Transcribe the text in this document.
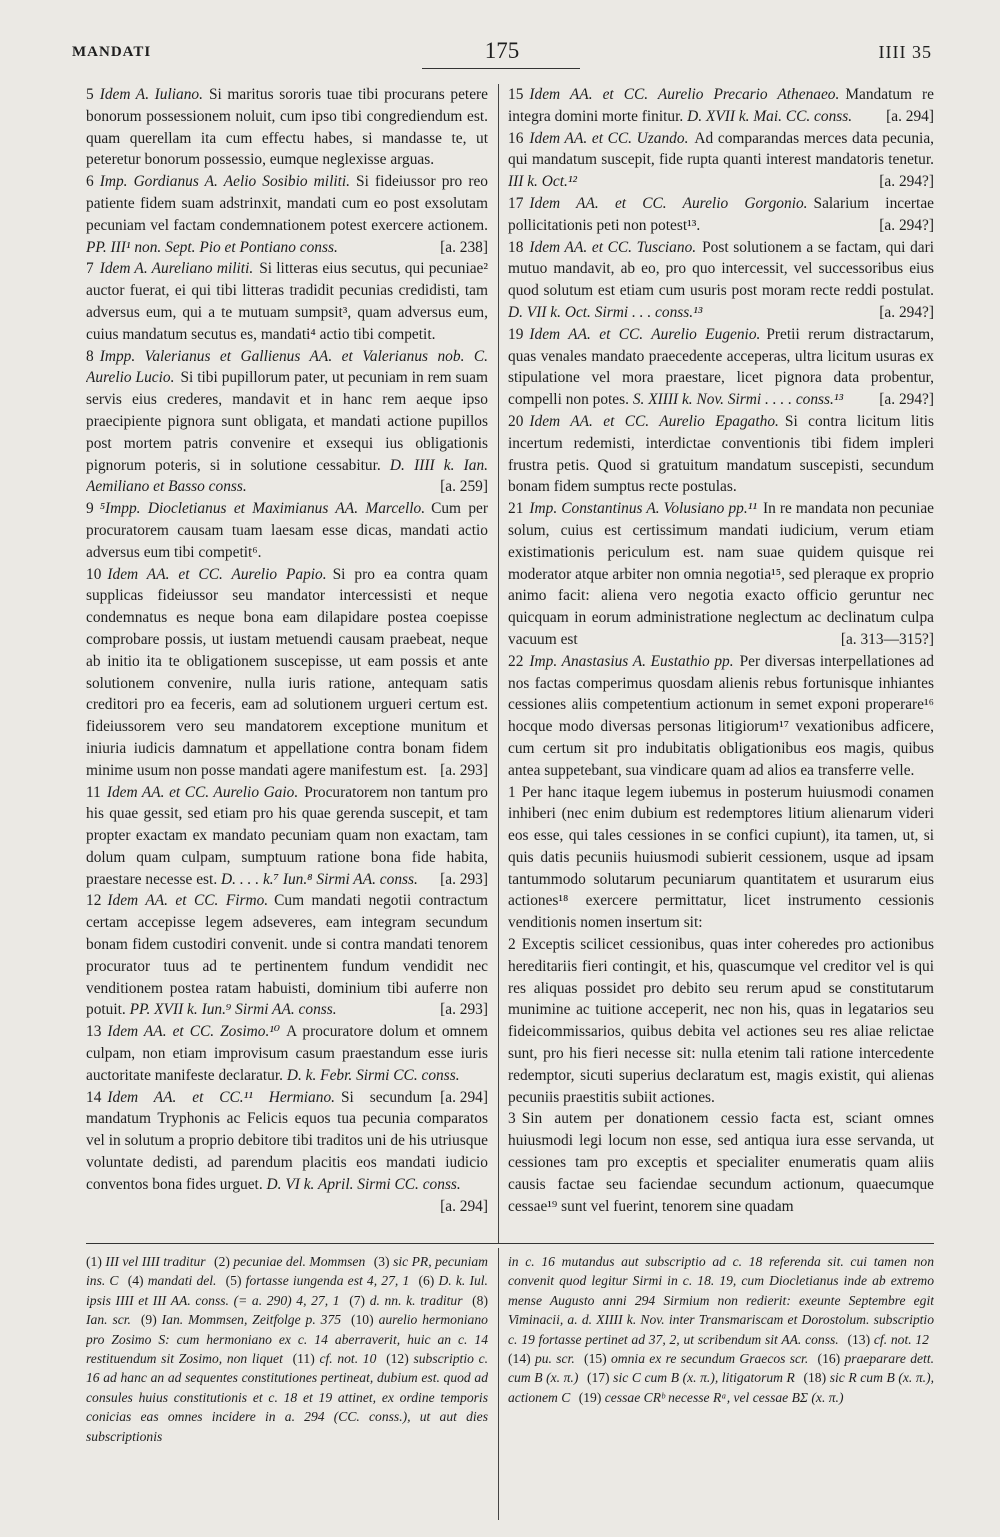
MANDATI	175	IIII 35

5 Idem A. Iuliano. Si maritus sororis tuae tibi procurans petere bonorum possessionem noluit, cum ipso tibi congrediendum est. quam querellam ita cum effectu habes, si mandasse te, ut peteretur bonorum possessio, eumque neglexisse arguas.

6 Imp. Gordianus A. Aelio Sosibio militi. Si fideiussor pro reo patiente fidem suam adstrinxit, mandati cum eo post exsolutam pecuniam vel factam condemnationem potest exercere actionem. PP. III¹ non. Sept. Pio et Pontiano conss.	[a. 238]

7 Idem A. Aureliano militi. Si litteras eius secutus, qui pecuniae² auctor fuerat, ei qui tibi litteras tradidit pecunias credidisti, tam adversus eum, qui a te mutuam sumpsit³, quam adversus eum, cuius mandatum secutus es, mandati⁴ actio tibi competit.

8 Impp. Valerianus et Gallienus AA. et Valerianus nob. C. Aurelio Lucio. Si tibi pupillorum pater, ut pecuniam in rem suam servis eius crederes, mandavit et in hanc rem aeque ipso praecipiente pignora sunt obligata, et mandati actione pupillos post mortem patris convenire et exsequi ius obligationis pignorum poteris, si in solutione cessabitur. D. IIII k. Ian. Aemiliano et Basso conss.	[a. 259]

9 ⁵Impp. Diocletianus et Maximianus AA. Marcello. Cum per procuratorem causam tuam laesam esse dicas, mandati actio adversus eum tibi competit⁶.

10 Idem AA. et CC. Aurelio Papio. Si pro ea contra quam supplicas fideiussor seu mandator intercessisti et neque condemnatus es neque bona eam dilapidare postea coepisse comprobare possis, ut iustam metuendi causam praebeat, neque ab initio ita te obligationem suscepisse, ut eam possis et ante solutionem convenire, nulla iuris ratione, antequam satis creditori pro ea feceris, eam ad solutionem urgueri certum est. fideiussorem vero seu mandatorem exceptione munitum et iniuria iudicis damnatum et appellatione contra bonam fidem minime usum non posse mandati agere manifestum est. [a. 293]

11 Idem AA. et CC. Aurelio Gaio. Procuratorem non tantum pro his quae gessit, sed etiam pro his quae gerenda suscepit, et tam propter exactam ex mandato pecuniam quam non exactam, tam dolum quam culpam, sumptuum ratione bona fide habita, praestare necesse est. D. . . . k.⁷ Iun.⁸ Sirmi AA. conss. [a. 293]

12 Idem AA. et CC. Firmo. Cum mandati negotii contractum certam accepisse legem adseveres, eam integram secundum bonam fidem custodiri convenit. unde si contra mandati tenorem procurator tuus ad te pertinentem fundum vendidit nec venditionem postea ratam habuisti, dominium tibi auferre non potuit. PP. XVII k. Iun.⁹ Sirmi AA. conss.	[a. 293]

13 Idem AA. et CC. Zosimo.¹⁰ A procuratore dolum et omnem culpam, non etiam improvisum casum praestandum esse iuris auctoritate manifeste declaratur. D. k. Febr. Sirmi CC. conss.
[a. 294]

14 Idem AA. et CC.¹¹ Hermiano. Si secundum mandatum Tryphonis ac Felicis equos tua pecunia comparatos vel in solutum a proprio debitore tibi traditos uni de his utriusque voluntate dedisti, ad parendum placitis eos mandati iudicio conventos bona fides urguet. D. VI k. April. Sirmi CC. conss.
[a. 294]

15 Idem AA. et CC. Aurelio Precario Athenaeo. Mandatum re integra domini morte finitur. D. XVII k. Mai. CC. conss. [a. 294]

16 Idem AA. et CC. Uzando. Ad comparandas merces data pecunia, qui mandatum suscepit, fide rupta quanti interest mandatoris tenetur. III k. Oct.¹²	[a. 294?]

17 Idem AA. et CC. Aurelio Gorgonio. Salarium incertae pollicitationis peti non potest¹³.	[a. 294?]

18 Idem AA. et CC. Tusciano. Post solutionem a se factam, qui dari mutuo mandavit, ab eo, pro quo intercessit, vel successoribus eius quod solutum est etiam cum usuris post moram recte reddi postulat. D. VII k. Oct. Sirmi . . . conss.¹³	[a. 294?]

19 Idem AA. et CC. Aurelio Eugenio. Pretii rerum distractarum, quas venales mandato praecedente acceperas, ultra licitum usuras ex stipulatione vel mora praestare, licet pignora data probentur, compelli non potes. S. XIIII k. Nov. Sirmi . . . . conss.¹³ [a. 294?]

20 Idem AA. et CC. Aurelio Epagatho. Si contra licitum litis incertum redemisti, interdictae conventionis tibi fidem impleri frustra petis. Quod si gratuitum mandatum suscepisti, secundum bonam fidem sumptus recte postulas.

21 Imp. Constantinus A. Volusiano pp.¹¹ In re mandata non pecuniae solum, cuius est certissimum mandati iudicium, verum etiam existimationis periculum est. nam suae quidem quisque rei moderator atque arbiter non omnia negotia¹⁵, sed pleraque ex proprio animo facit: aliena vero negotia exacto officio geruntur nec quicquam in eorum administratione neglectum ac declinatum culpa vacuum est	[a. 313—315?]

22 Imp. Anastasius A. Eustathio pp. Per diversas interpellationes ad nos factas comperimus quosdam alienis rebus fortunisque inhiantes cessiones aliis competentium actionum in semet exponi properare¹⁶ hocque modo diversas personas litigiorum¹⁷ vexationibus adficere, cum certum sit pro indubitatis obligationibus eos magis, quibus antea suppetebant, sua vindicare quam ad alios ea transferre velle.

1 Per hanc itaque legem iubemus in posterum huiusmodi conamen inhiberi (nec enim dubium est redemptores litium alienarum videri eos esse, qui tales cessiones in se confici cupiunt), ita tamen, ut, si quis datis pecuniis huiusmodi subierit cessionem, usque ad ipsam tantummodo solutarum pecuniarum quantitatem et usurarum eius actiones¹⁸ exercere permittatur, licet instrumento cessionis venditionis nomen insertum sit:

2 Exceptis scilicet cessionibus, quas inter coheredes pro actionibus hereditariis fieri contingit, et his, quascumque vel creditor vel is qui res aliquas possidet pro debito seu rerum apud se constitutarum munimine ac tuitione acceperit, nec non his, quas in legatarios seu fideicommissarios, quibus debita vel actiones seu res aliae relictae sunt, pro his fieri necesse sit: nulla etenim tali ratione intercedente redemptor, sicuti superius declaratum est, magis existit, qui alienas pecuniis praestitis subiit actiones.

3 Sin autem per donationem cessio facta est, sciant omnes huiusmodi legi locum non esse, sed antiqua iura esse servanda, ut cessiones tam pro exceptis et specialiter enumeratis quam aliis causis factae seu faciendae secundum actionum, quaecumque cessae¹⁹ sunt vel fuerint, tenorem sine quadam

(1) III vel IIII traditur (2) pecuniae del. Mommsen (3) sic PR, pecuniam ins. C (4) mandati del. (5) fortasse iungenda est 4, 27, 1 (6) D. k. Iul. ipsis IIII et III AA. conss. (= a. 290) 4, 27, 1 (7) d. nn. k. traditur (8) Ian. scr. (9) Ian. Mommsen, Zeitfolge p. 375 (10) aurelio hermoniano pro Zosimo S: cum hermoniano ex c. 14 aberraverit, huic an c. 14 restituendum sit Zosimo, non liquet (11) cf. not. 10 (12) subscriptio c. 16 ad hanc an ad sequentes constitutiones pertineat, dubium est. quod ad consules huius constitutionis et c. 18 et 19 attinet, ex ordine temporis conicias eas omnes incidere in a. 294 (CC. conss.), ut aut dies subscriptionis
in c. 16 mutandus aut subscriptio ad c. 18 referenda sit. cui tamen non convenit quod legitur Sirmi in c. 18. 19, cum Diocletianus inde ab extremo mense Augusto anni 294 Sirmium non redierit: exeunte Septembre egit Viminacii, a. d. XIIII k. Nov. inter Transmariscam et Dorostolum. subscriptio c. 19 fortasse pertinet ad 37, 2, ut scribendum sit AA. conss. (13) cf. not. 12 (14) pu. scr. (15) omnia ex re secundum Graecos scr. (16) praeparare dett. cum B (x. π.) (17) sic C cum B (x. π.), litigatorum R (18) sic R cum B (x. π.), actionem C (19) cessae CRᵇ necesse Rᵃ, vel cessae BΣ (x. π.)
